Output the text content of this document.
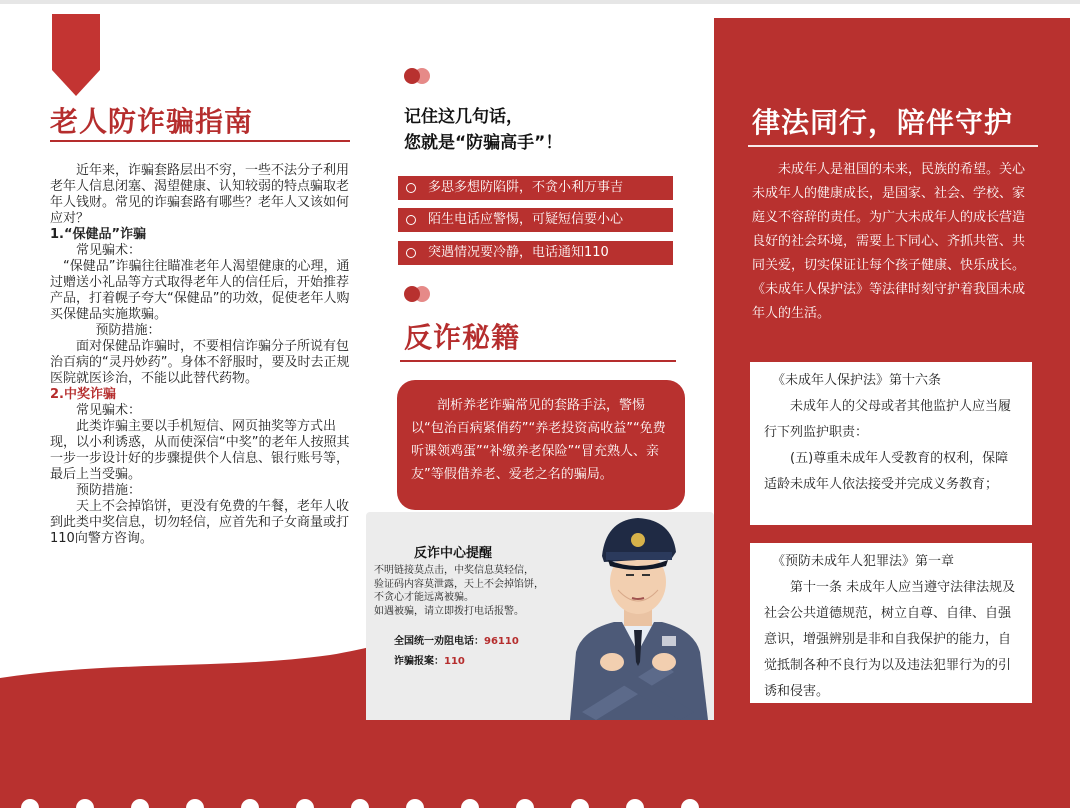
老人防诈骗指南

近年来，诈骗套路层出不穷，一些不法分子利用老年人信息闭塞、渴望健康、认知较弱的特点骗取老年人钱财。常见的诈骗套路有哪些？老年人又该如何应对？

1.“保健品”诈骗
常见骗术：

“保健品”诈骗往往瞄准老年人渴望健康的心理，通过赠送小礼品等方式取得老年人的信任后，开始推荐产品，打着幌子夸大“保健品”的功效，促使老年人购买保健品实施欺骗。

预防措施：

面对保健品诈骗时，不要相信诈骗分子所说有包治百病的“灵丹妙药”。身体不舒服时，要及时去正规医院就医诊治，不能以此替代药物。

2.中奖诈骗
常见骗术：

此类诈骗主要以手机短信、网页抽奖等方式出现，以小利诱惑，从而使深信“中奖”的老年人按照其一步一步设计好的步骤提供个人信息、银行账号等，最后上当受骗。

预防措施：

天上不会掉馅饼，更没有免费的午餐，老年人收到此类中奖信息，切勿轻信，应首先和子女商量或打110向警方咨询。

记住这几句话，
您就是“防骗高手”！
多思多想防陷阱，不贪小利万事吉
陌生电话应警惕，可疑短信要小心
突遇情况要冷静，电话通知110
反诈秘籍

剖析养老诈骗常见的套路手法，警惕以“包治百病紧俏药”“养老投资高收益”“免费听课领鸡蛋”“补缴养老保险”“冒充熟人、亲友”等假借养老、爱老之名的骗局。

反诈中心提醒
不明链接莫点击，中奖信息莫轻信，
验证码内容莫泄露，天上不会掉馅饼，
不贪心才能远离被骗。
如遇被骗，请立即拨打电话报警。
全国统一劝阻电话：96110
诈骗报案：110
律法同行，陪伴守护

未成年人是祖国的未来，民族的希望。关心未成年人的健康成长，是国家、社会、学校、家庭义不容辞的责任。为广大未成年人的成长营造良好的社会环境，需要上下同心、齐抓共管、共同关爱，切实保证让每个孩子健康、快乐成长。《未成年人保护法》等法律时刻守护着我国未成年人的生活。

《未成年人保护法》第十六条

未成年人的父母或者其他监护人应当履行下列监护职责：

(五)尊重未成年人受教育的权利，保障适龄未成年人依法接受并完成义务教育；

《预防未成年人犯罪法》第一章

第十一条 未成年人应当遵守法律法规及社会公共道德规范，树立自尊、自律、自强意识，增强辨别是非和自我保护的能力，自觉抵制各种不良行为以及违法犯罪行为的引诱和侵害。
